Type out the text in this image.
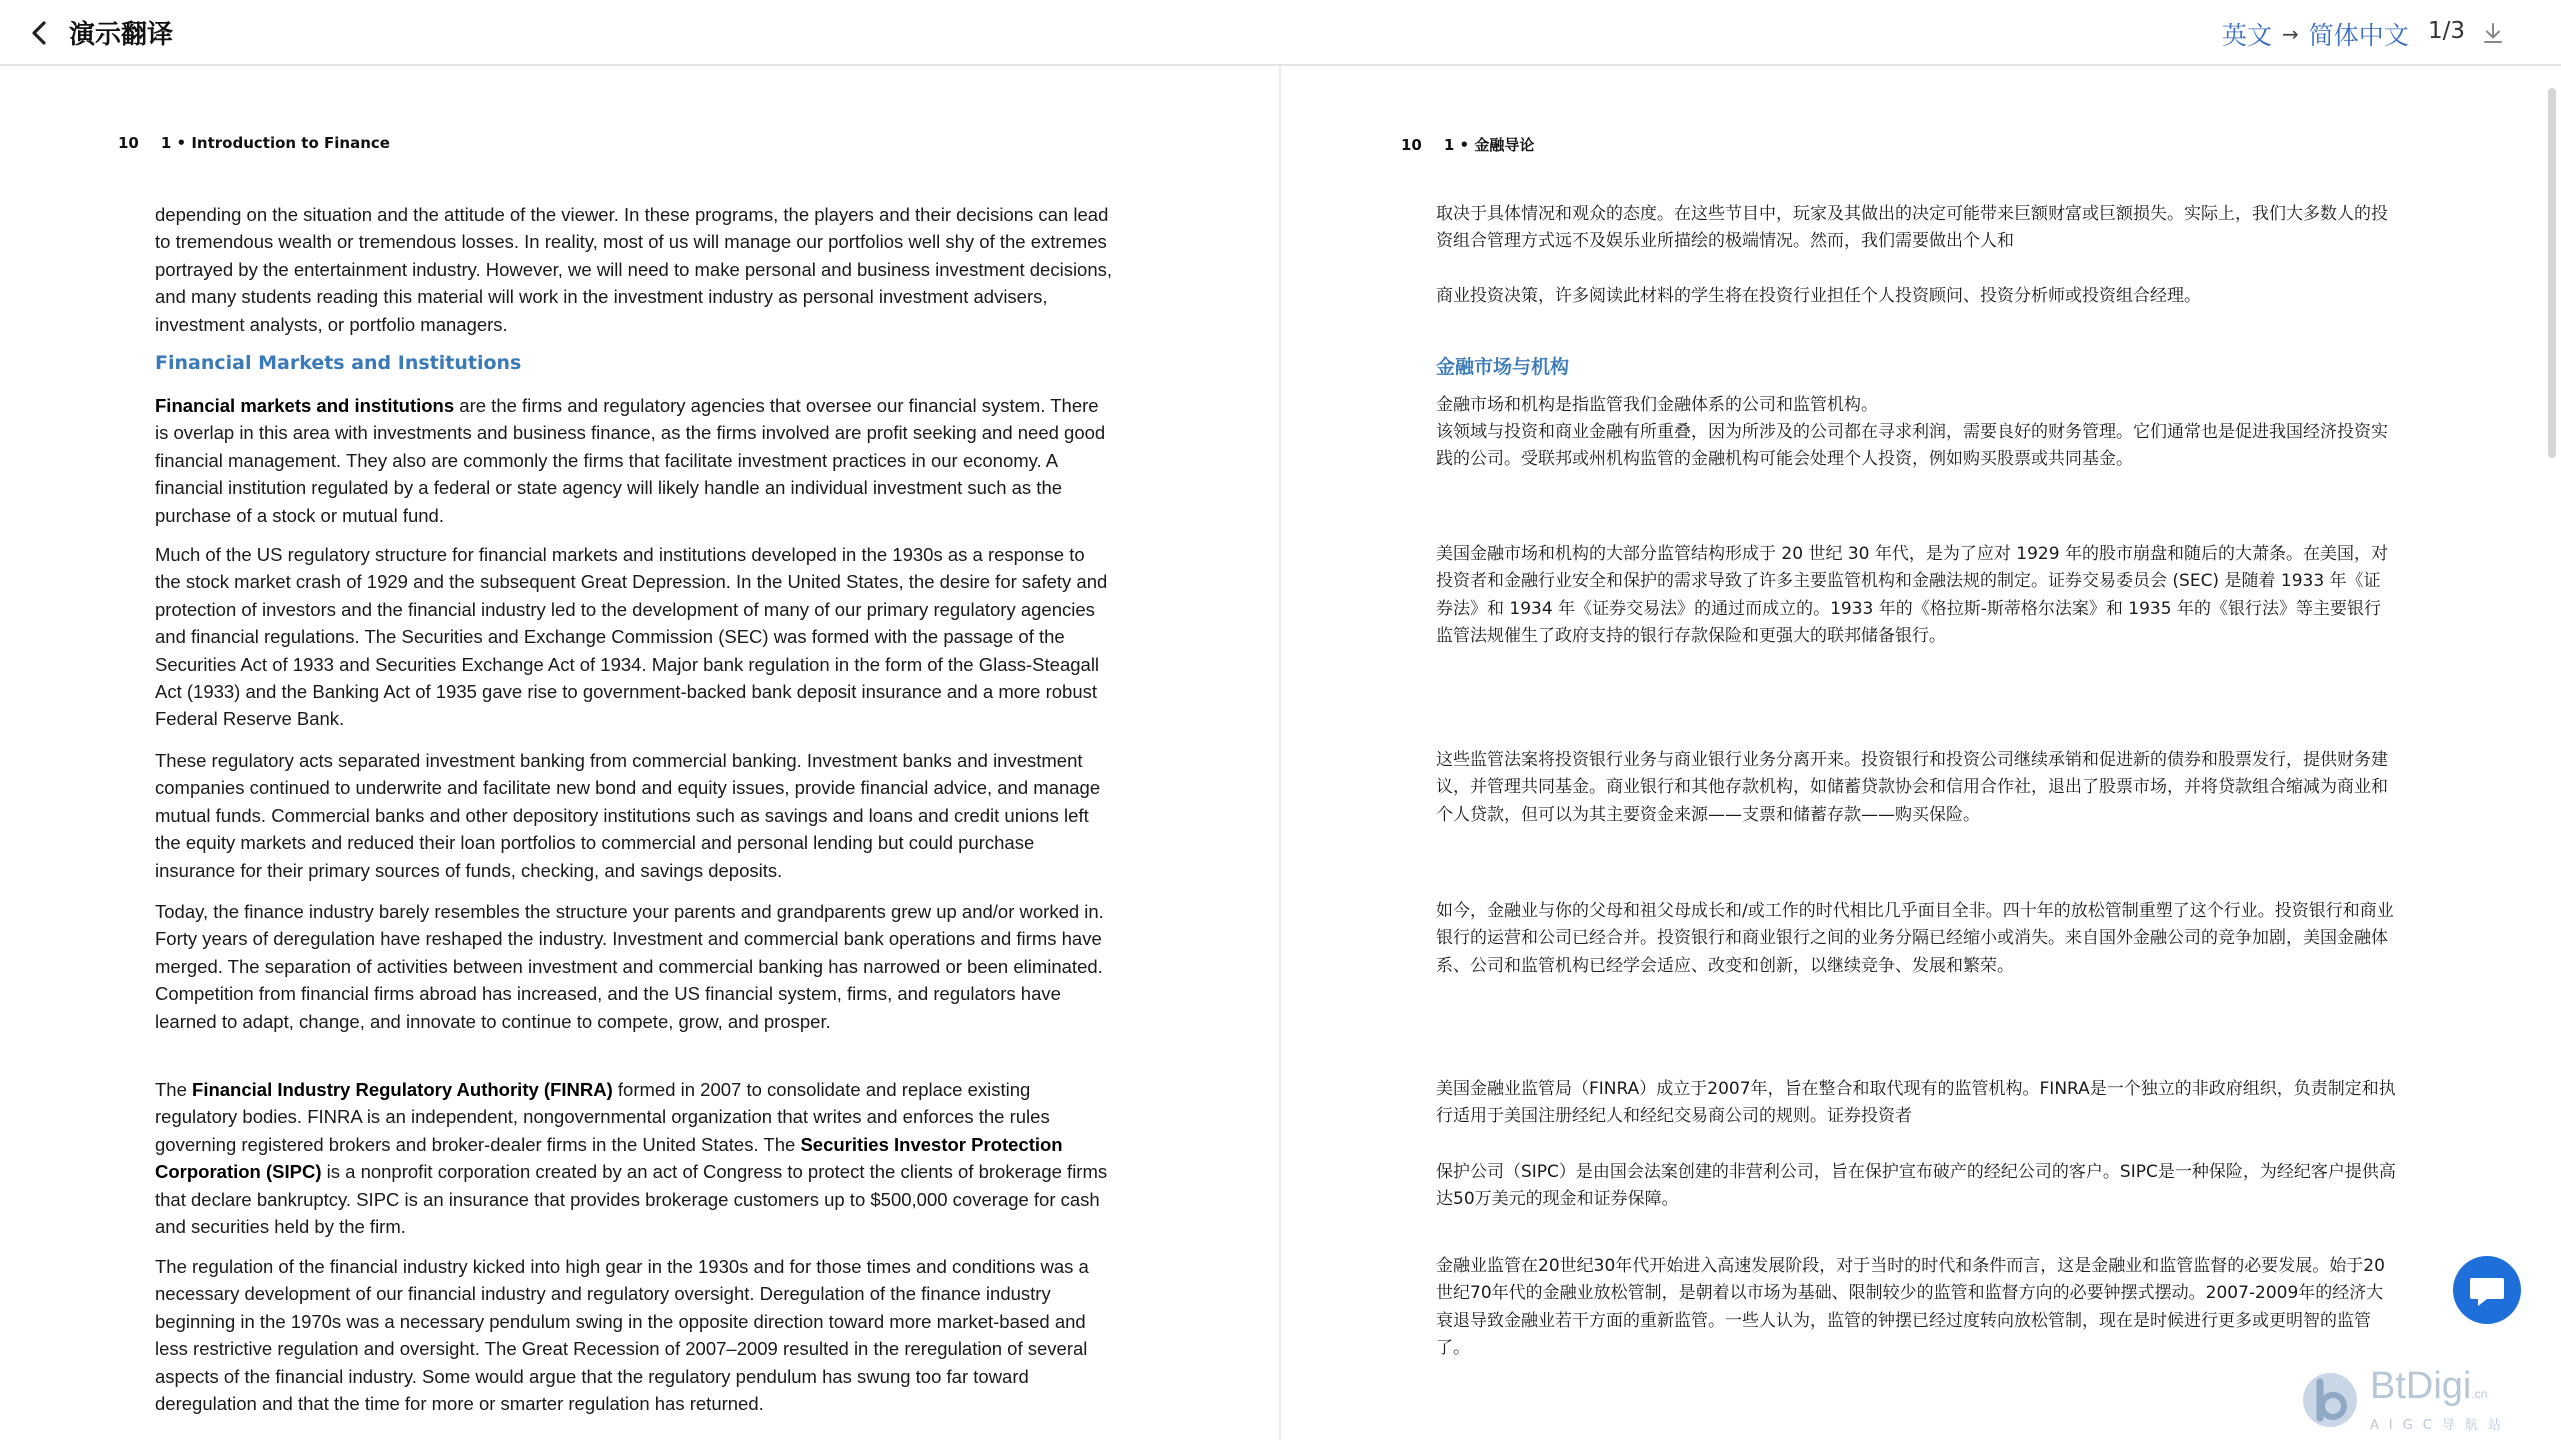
演示翻译	英文 → 简体中文 1/3
10 1 • Introduction to Finance

depending on the situation and the attitude of the viewer. In these programs, the players and their decisions can lead to tremendous wealth or tremendous losses. In reality, most of us will manage our portfolios well shy of the extremes portrayed by the entertainment industry. However, we will need to make personal and business investment decisions, and many students reading this material will work in the investment industry as personal investment advisers, investment analysts, or portfolio managers.

Financial Markets and Institutions

Financial markets and institutions are the firms and regulatory agencies that oversee our financial system. There is overlap in this area with investments and business finance, as the firms involved are profit seeking and need good financial management. They also are commonly the firms that facilitate investment practices in our economy. A financial institution regulated by a federal or state agency will likely handle an individual investment such as the purchase of a stock or mutual fund.

Much of the US regulatory structure for financial markets and institutions developed in the 1930s as a response to the stock market crash of 1929 and the subsequent Great Depression. In the United States, the desire for safety and protection of investors and the financial industry led to the development of many of our primary regulatory agencies and financial regulations. The Securities and Exchange Commission (SEC) was formed with the passage of the Securities Act of 1933 and Securities Exchange Act of 1934. Major bank regulation in the form of the Glass-Steagall Act (1933) and the Banking Act of 1935 gave rise to government-backed bank deposit insurance and a more robust Federal Reserve Bank.

These regulatory acts separated investment banking from commercial banking. Investment banks and investment companies continued to underwrite and facilitate new bond and equity issues, provide financial advice, and manage mutual funds. Commercial banks and other depository institutions such as savings and loans and credit unions left the equity markets and reduced their loan portfolios to commercial and personal lending but could purchase insurance for their primary sources of funds, checking, and savings deposits.

Today, the finance industry barely resembles the structure your parents and grandparents grew up and/or worked in. Forty years of deregulation have reshaped the industry. Investment and commercial bank operations and firms have merged. The separation of activities between investment and commercial banking has narrowed or been eliminated. Competition from financial firms abroad has increased, and the US financial system, firms, and regulators have learned to adapt, change, and innovate to continue to compete, grow, and prosper.

The Financial Industry Regulatory Authority (FINRA) formed in 2007 to consolidate and replace existing regulatory bodies. FINRA is an independent, nongovernmental organization that writes and enforces the rules governing registered brokers and broker-dealer firms in the United States. The Securities Investor Protection Corporation (SIPC) is a nonprofit corporation created by an act of Congress to protect the clients of brokerage firms that declare bankruptcy. SIPC is an insurance that provides brokerage customers up to $500,000 coverage for cash and securities held by the firm.

The regulation of the financial industry kicked into high gear in the 1930s and for those times and conditions was a necessary development of our financial industry and regulatory oversight. Deregulation of the finance industry beginning in the 1970s was a necessary pendulum swing in the opposite direction toward more market-based and less restrictive regulation and oversight. The Great Recession of 2007–2009 resulted in the reregulation of several aspects of the financial industry. Some would argue that the regulatory pendulum has swung too far toward deregulation and that the time for more or smarter regulation has returned.

10 1 • 金融导论

取决于具体情况和观众的态度。在这些节目中，玩家及其做出的决定可能带来巨额财富或巨额损失。实际上，我们大多数人的投资组合管理方式远不及娱乐业所描绘的极端情况。然而，我们需要做出个人和

商业投资决策，许多阅读此材料的学生将在投资行业担任个人投资顾问、投资分析师或投资组合经理。

金融市场与机构

金融市场和机构是指监管我们金融体系的公司和监管机构。

该领域与投资和商业金融有所重叠，因为所涉及的公司都在寻求利润，需要良好的财务管理。它们通常也是促进我国经济投资实践的公司。受联邦或州机构监管的金融机构可能会处理个人投资，例如购买股票或共同基金。

美国金融市场和机构的大部分监管结构形成于 20 世纪 30 年代，是为了应对 1929 年的股市崩盘和随后的大萧条。在美国，对投资者和金融行业安全和保护的需求导致了许多主要监管机构和金融法规的制定。证券交易委员会 (SEC) 是随着 1933 年《证券法》和 1934 年《证券交易法》的通过而成立的。1933 年的《格拉斯-斯蒂格尔法案》和 1935 年的《银行法》等主要银行监管法规催生了政府支持的银行存款保险和更强大的联邦储备银行。

这些监管法案将投资银行业务与商业银行业务分离开来。投资银行和投资公司继续承销和促进新的债券和股票发行，提供财务建议，并管理共同基金。商业银行和其他存款机构，如储蓄贷款协会和信用合作社，退出了股票市场，并将贷款组合缩减为商业和个人贷款，但可以为其主要资金来源——支票和储蓄存款——购买保险。

如今，金融业与你的父母和祖父母成长和/或工作的时代相比几乎面目全非。四十年的放松管制重塑了这个行业。投资银行和商业银行的运营和公司已经合并。投资银行和商业银行之间的业务分隔已经缩小或消失。来自国外金融公司的竞争加剧，美国金融体系、公司和监管机构已经学会适应、改变和创新，以继续竞争、发展和繁荣。

美国金融业监管局（FINRA）成立于2007年，旨在整合和取代现有的监管机构。FINRA是一个独立的非政府组织，负责制定和执行适用于美国注册经纪人和经纪交易商公司的规则。证券投资者

保护公司（SIPC）是由国会法案创建的非营利公司，旨在保护宣布破产的经纪公司的客户。SIPC是一种保险，为经纪客户提供高达50万美元的现金和证券保障。

金融业监管在20世纪30年代开始进入高速发展阶段，对于当时的时代和条件而言，这是金融业和监管监督的必要发展。始于20世纪70年代的金融业放松管制，是朝着以市场为基础、限制较少的监管和监督方向的必要钟摆式摆动。2007-2009年的经济大衰退导致金融业若干方面的重新监管。一些人认为，监管的钟摆已经过度转向放松管制，现在是时候进行更多或更明智的监管了。

BtDigi.cn
AIGC导航站
